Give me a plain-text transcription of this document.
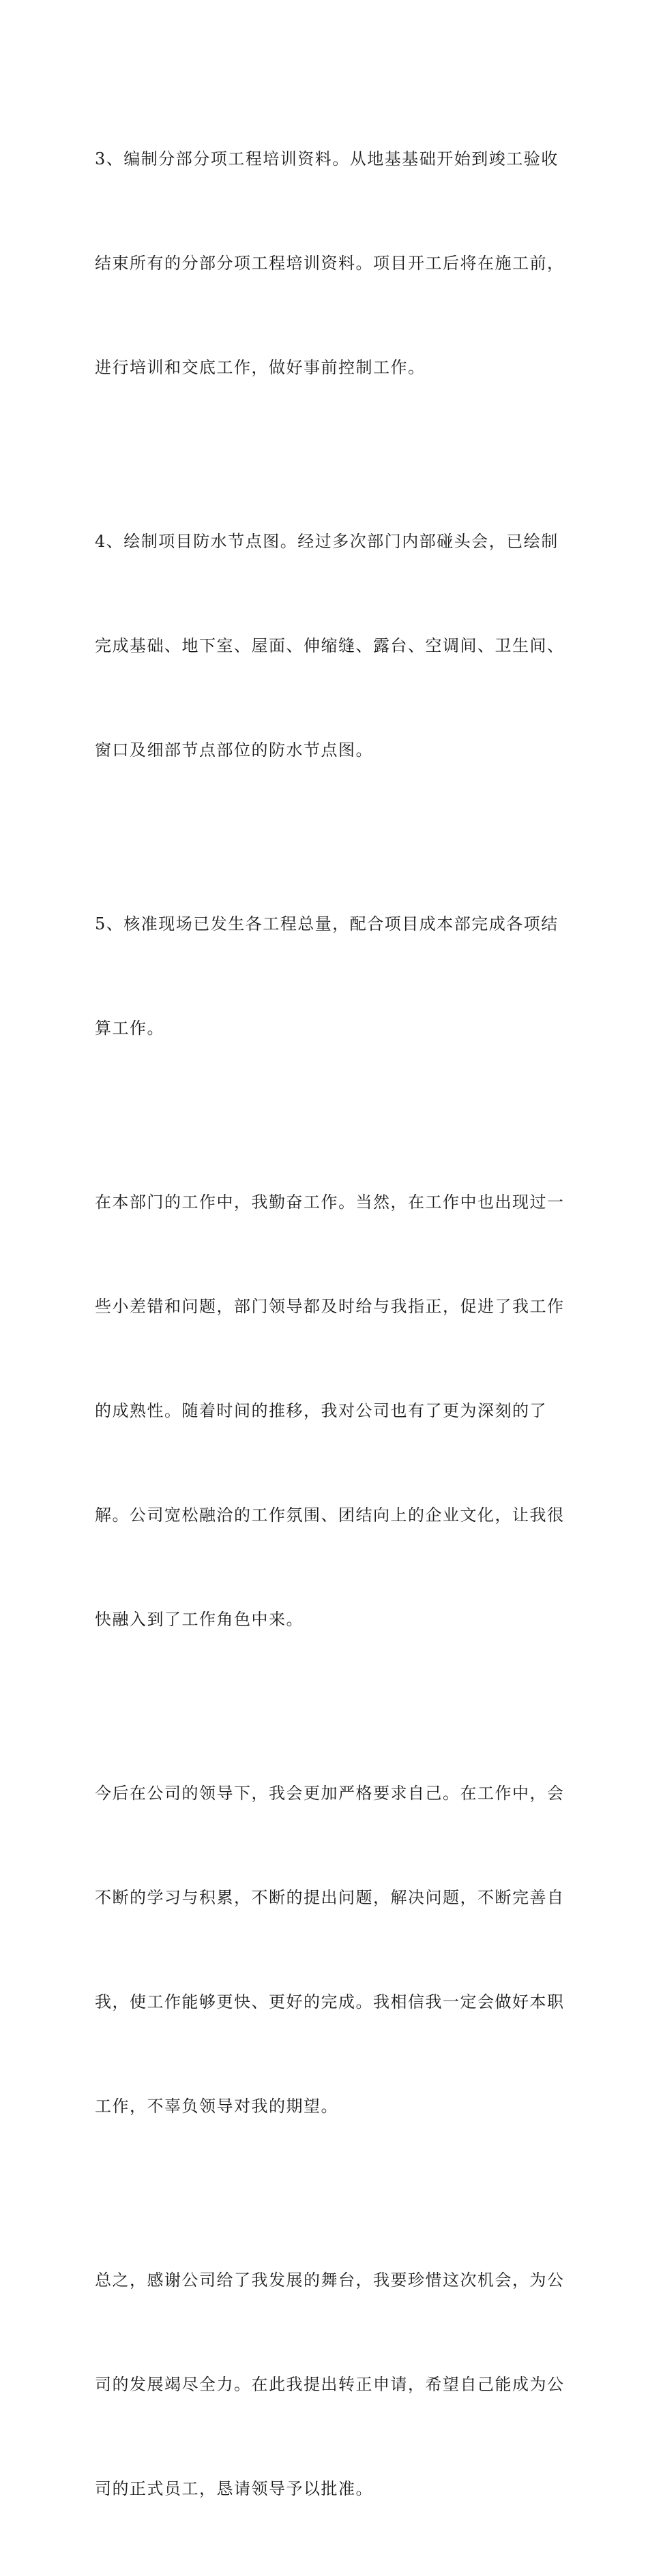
3、编制分部分项工程培训资料。从地基基础开始到竣工验收

结束所有的分部分项工程培训资料。项目开工后将在施工前，

进行培训和交底工作，做好事前控制工作。

4、绘制项目防水节点图。经过多次部门内部碰头会，已绘制

完成基础、地下室、屋面、伸缩缝、露台、空调间、卫生间、

窗口及细部节点部位的防水节点图。

5、核准现场已发生各工程总量，配合项目成本部完成各项结

算工作。

在本部门的工作中，我勤奋工作。当然，在工作中也出现过一

些小差错和问题，部门领导都及时给与我指正，促进了我工作

的成熟性。随着时间的推移，我对公司也有了更为深刻的了

解。公司宽松融洽的工作氛围、团结向上的企业文化，让我很

快融入到了工作角色中来。

今后在公司的领导下，我会更加严格要求自己。在工作中，会

不断的学习与积累，不断的提出问题，解决问题，不断完善自

我，使工作能够更快、更好的完成。我相信我一定会做好本职

工作，不辜负领导对我的期望。

总之，感谢公司给了我发展的舞台，我要珍惜这次机会，为公

司的发展竭尽全力。在此我提出转正申请，希望自己能成为公

司的正式员工，恳请领导予以批准。
